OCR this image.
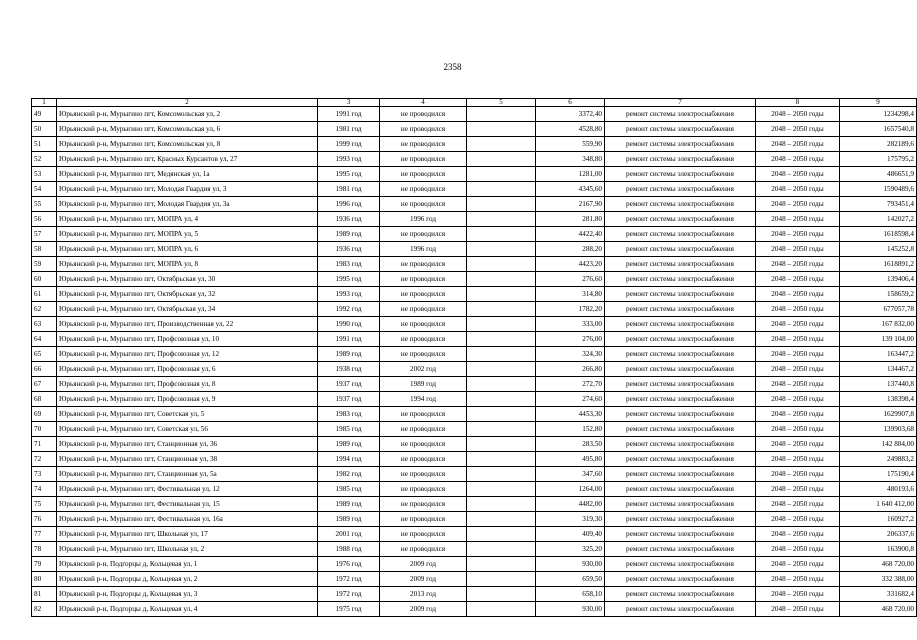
2358
1	2	3	4	5	6	7	8	9
49	Юрьянский р-н, Мурыгино пгт, Комсомольская ул, 2	1991 год	не проводился		3372,40	ремонт системы электроснабжения	2048 – 2050 годы	1234298,4
50	Юрьянский р-н, Мурыгино пгт, Комсомольская ул, 6	1981 год	не проводился		4528,80	ремонт системы электроснабжения	2048 – 2050 годы	1657540,8
51	Юрьянский р-н, Мурыгино пгт, Комсомольская ул, 8	1999 год	не проводился		559,90	ремонт системы электроснабжения	2048 – 2050 годы	282189,6
52	Юрьянский р-н, Мурыгино пгт, Красных Курсантов ул, 27	1993 год	не проводился		348,80	ремонт системы электроснабжения	2048 – 2050 годы	175795,2
53	Юрьянский р-н, Мурыгино пгт, Медянская ул, 1а	1995 год	не проводился		1281,00	ремонт системы электроснабжения	2048 – 2050 годы	486651,9
54	Юрьянский р-н, Мурыгино пгт, Молодая Гвардия ул, 3	1981 год	не проводился		4345,60	ремонт системы электроснабжения	2048 – 2050 годы	1590489,6
55	Юрьянский р-н, Мурыгино пгт, Молодая Гвардия ул, 3а	1996 год	не проводился		2167,90	ремонт системы электроснабжения	2048 – 2050 годы	793451,4
56	Юрьянский р-н, Мурыгино пгт, МОПРА ул, 4	1936 год	1996 год		281,80	ремонт системы электроснабжения	2048 – 2050 годы	142027,2
57	Юрьянский р-н, Мурыгино пгт, МОПРА ул, 5	1989 год	не проводился		4422,40	ремонт системы электроснабжения	2048 – 2050 годы	1618598,4
58	Юрьянский р-н, Мурыгино пгт, МОПРА ул, 6	1936 год	1996 год		288,20	ремонт системы электроснабжения	2048 – 2050 годы	145252,8
59	Юрьянский р-н, Мурыгино пгт, МОПРА ул, 8	1983 год	не проводился		4423,20	ремонт системы электроснабжения	2048 – 2050 годы	1618891,2
60	Юрьянский р-н, Мурыгино пгт, Октябрьская ул, 30	1995 год	не проводился		276,60	ремонт системы электроснабжения	2048 – 2050 годы	139406,4
61	Юрьянский р-н, Мурыгино пгт, Октябрьская ул, 32	1993 год	не проводился		314,80	ремонт системы электроснабжения	2048 – 2050 годы	158659,2
62	Юрьянский р-н, Мурыгино пгт, Октябрьская ул, 34	1992 год	не проводился		1782,20	ремонт системы электроснабжения	2048 – 2050 годы	677057,78
63	Юрьянский р-н, Мурыгино пгт, Производственная ул, 22	1990 год	не проводился		333,00	ремонт системы электроснабжения	2048 – 2050 годы	167 832,00
64	Юрьянский р-н, Мурыгино пгт, Профсоюзная ул, 10	1991 год	не проводился		276,00	ремонт системы электроснабжения	2048 – 2050 годы	139 104,00
65	Юрьянский р-н, Мурыгино пгт, Профсоюзная ул, 12	1989 год	не проводился		324,30	ремонт системы электроснабжения	2048 – 2050 годы	163447,2
66	Юрьянский р-н, Мурыгино пгт, Профсоюзная ул, 6	1938 год	2002 год		266,80	ремонт системы электроснабжения	2048 – 2050 годы	134467,2
67	Юрьянский р-н, Мурыгино пгт, Профсоюзная ул, 8	1937 год	1989 год		272,70	ремонт системы электроснабжения	2048 – 2050 годы	137440,8
68	Юрьянский р-н, Мурыгино пгт, Профсоюзная ул, 9	1937 год	1994 год		274,60	ремонт системы электроснабжения	2048 – 2050 годы	138398,4
69	Юрьянский р-н, Мурыгино пгт, Советская ул, 5	1983 год	не проводился		4453,30	ремонт системы электроснабжения	2048 – 2050 годы	1629907,8
70	Юрьянский р-н, Мурыгино пгт, Советская ул, 56	1985 год	не проводился		152,80	ремонт системы электроснабжения	2048 – 2050 годы	139903,68
71	Юрьянский р-н, Мурыгино пгт, Станционная ул, 36	1989 год	не проводился		283,50	ремонт системы электроснабжения	2048 – 2050 годы	142 884,00
72	Юрьянский р-н, Мурыгино пгт, Станционная ул, 38	1994 год	не проводился		495,80	ремонт системы электроснабжения	2048 – 2050 годы	249883,2
73	Юрьянский р-н, Мурыгино пгт, Станционная ул, 5а	1982 год	не проводился		347,60	ремонт системы электроснабжения	2048 – 2050 годы	175190,4
74	Юрьянский р-н, Мурыгино пгт, Фестивальная ул, 12	1985 год	не проводился		1264,00	ремонт системы электроснабжения	2048 – 2050 годы	480193,6
75	Юрьянский р-н, Мурыгино пгт, Фестивальная ул, 15	1989 год	не проводился		4482,00	ремонт системы электроснабжения	2048 – 2050 годы	1 640 412,00
76	Юрьянский р-н, Мурыгино пгт, Фестивальная ул, 16а	1989 год	не проводился		319,30	ремонт системы электроснабжения	2048 – 2050 годы	160927,2
77	Юрьянский р-н, Мурыгино пгт, Школьная ул, 17	2001 год	не проводился		409,40	ремонт системы электроснабжения	2048 – 2050 годы	206337,6
78	Юрьянский р-н, Мурыгино пгт, Школьная ул, 2	1988 год	не проводился		325,20	ремонт системы электроснабжения	2048 – 2050 годы	163900,8
79	Юрьянский р-н, Подгорцы д, Кольцевая ул, 1	1976 год	2009 год		930,00	ремонт системы электроснабжения	2048 – 2050 годы	468 720,00
80	Юрьянский р-н, Подгорцы д, Кольцевая ул, 2	1972 год	2009 год		659,50	ремонт системы электроснабжения	2048 – 2050 годы	332 388,00
81	Юрьянский р-н, Подгорцы д, Кольцевая ул, 3	1972 год	2013 год		658,10	ремонт системы электроснабжения	2048 – 2050 годы	331682,4
82	Юрьянский р-н, Подгорцы д, Кольцевая ул, 4	1975 год	2009 год		930,00	ремонт системы электроснабжения	2048 – 2050 годы	468 720,00
